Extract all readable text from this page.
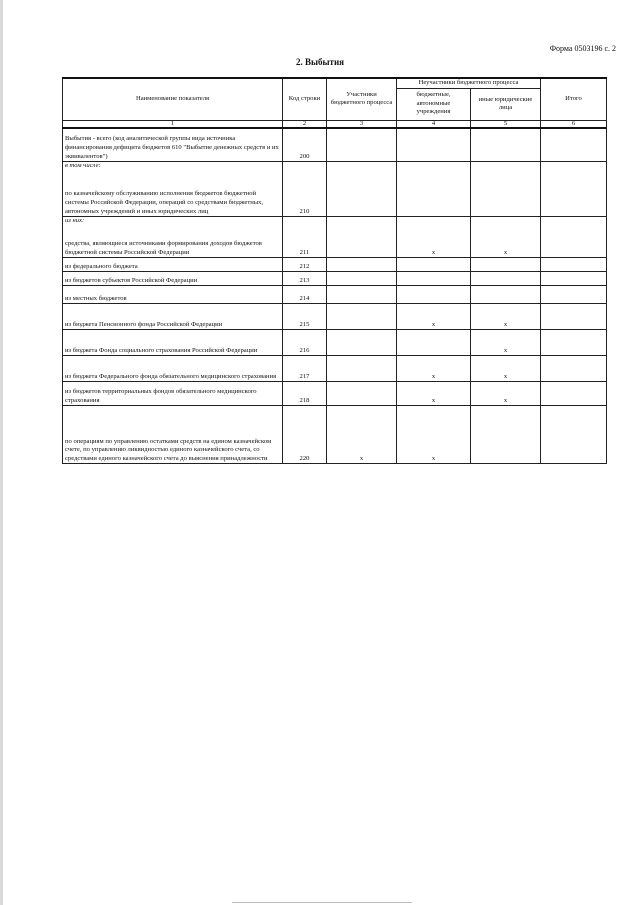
Форма 0503196 с. 2
2. Выбытия
Наименование показателя	Код строки	Участники бюджетного процесса	Неучастники бюджетного процесса		Итого
			бюджетные, автономные учреждения	иные юридические лица	
1	2	3	4	5	6
Выбытия - всего (код аналитической группы вида источника финансирования дефицита бюджетов 610 "Выбытие денежных средств и их эквивалентов")	200				
в том числе:					
по казначейскому обслуживанию исполнения бюджетов бюджетной системы Российской Федерации, операций со средствами бюджетных, автономных учреждений и иных юридических лиц	210				
из них:					
средства, являющиеся источниками формирования доходов бюджетов бюджетной системы Российской Федерации	211		x	x	
из федерального бюджета	212				
из бюджетов субъектов Российской Федерации	213				
из местных бюджетов	214				
из бюджета Пенсионного фонда Российской Федерации	215		x	x	
из бюджета Фонда социального страхования Российской Федерации	216			x	
из бюджета Федерального фонда обязательного медицинского страхования	217		x	x	
из бюджетов территориальных фондов обязательного медицинского страхования	218		x	x	
по операциям по управлению остатками средств на едином казначейском счете, по управлению ликвидностью единого казначейского счета, со средствами единого казначейского счета до выяснения принадлежности	220	x	x		
